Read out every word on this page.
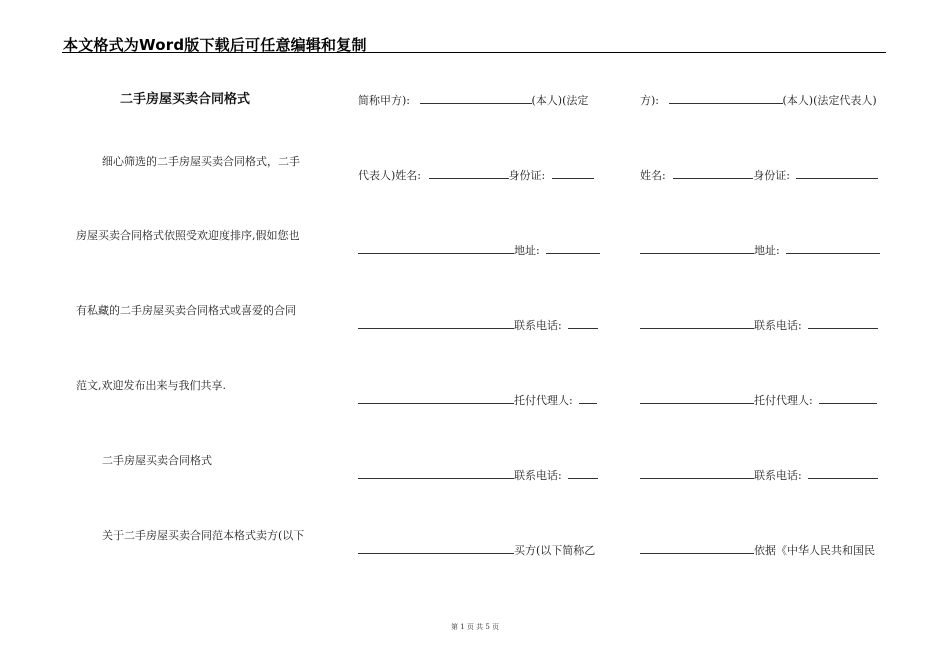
本文格式为Word版下载后可任意编辑和复制
二手房屋买卖合同格式
细心筛选的二手房屋买卖合同格式，二手
房屋买卖合同格式依照受欢迎度排序,假如您也
有私藏的二手房屋买卖合同格式或喜爱的合同
范文,欢迎发布出来与我们共享.
二手房屋买卖合同格式
关于二手房屋买卖合同范本格式卖方(以下
简称甲方):	(本人)(法定
代表人)姓名:	身份证:
地址:
联系电话:
托付代理人:
联系电话:
买方(以下简称乙
方):	(本人)(法定代表人)
姓名:	身份证:
地址:
联系电话:
托付代理人:
联系电话:
依据《中华人民共和国民
第 1 页 共 5 页
